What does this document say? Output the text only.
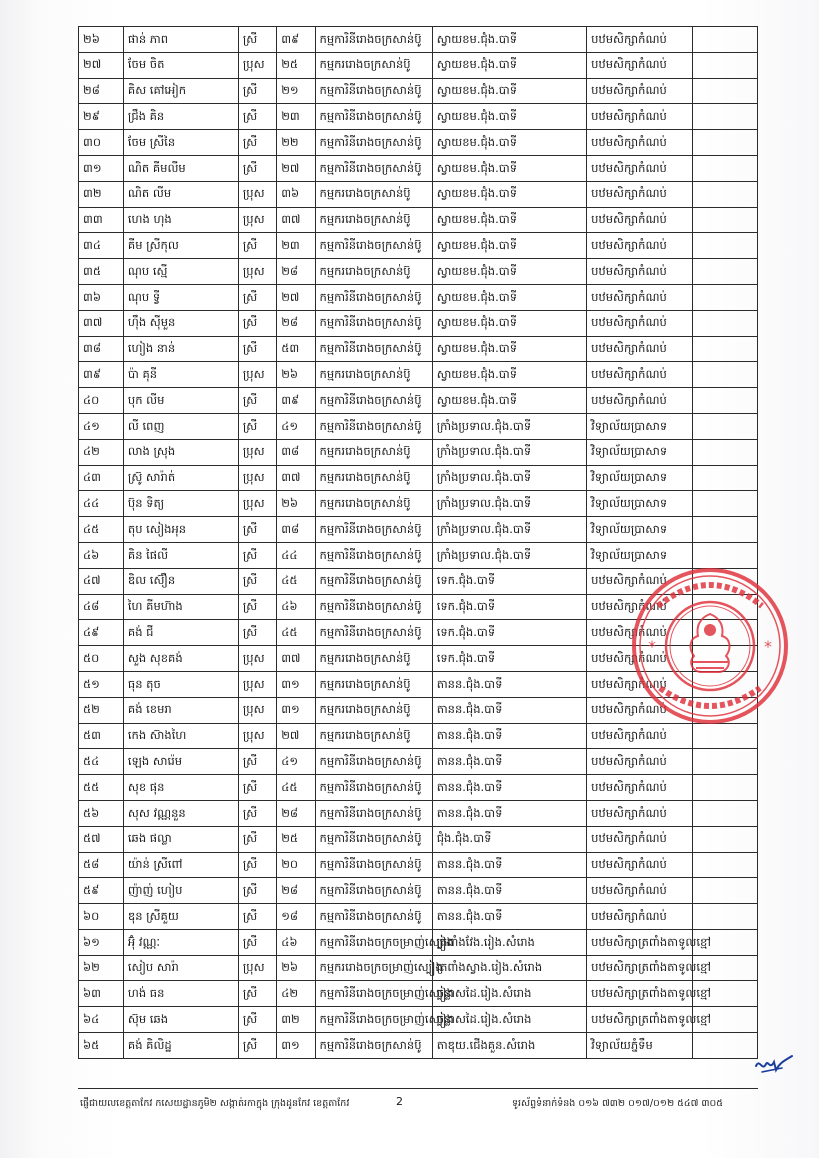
២៦	ផាន់ ភាព	ស្រី	៣៩	កម្មការិនីរោងចក្រសាន់ប៊ូ	ស្វាយខម.ជុំង.បាទី	បឋមសិក្សាកំណប់	
២៧	ចែម ចិត	ប្រុស	២៥	កម្មកររោងចក្រសាន់ប៊ូ	ស្វាយខម.ជុំង.បាទី	បឋមសិក្សាកំណប់	
២៨	គិស គៅអៀក	ស្រី	២១	កម្មការិនីរោងចក្រសាន់ប៊ូ	ស្វាយខម.ជុំង.បាទី	បឋមសិក្សាកំណប់	
២៩	ជ្រឹង គិន	ស្រី	២៣	កម្មការិនីរោងចក្រសាន់ប៊ូ	ស្វាយខម.ជុំង.បាទី	បឋមសិក្សាកំណប់	
៣០	ចែម ស្រីនៃ	ស្រី	២២	កម្មការិនីរោងចក្រសាន់ប៊ូ	ស្វាយខម.ជុំង.បាទី	បឋមសិក្សាកំណប់	
៣១	ណិត គីមលីម	ស្រី	២៧	កម្មការិនីរោងចក្រសាន់ប៊ូ	ស្វាយខម.ជុំង.បាទី	បឋមសិក្សាកំណប់	
៣២	ណិត លីម	ប្រុស	៣៦	កម្មកររោងចក្រសាន់ប៊ូ	ស្វាយខម.ជុំង.បាទី	បឋមសិក្សាកំណប់	
៣៣	ហេង ហុង	ប្រុស	៣៧	កម្មកររោងចក្រសាន់ប៊ូ	ស្វាយខម.ជុំង.បាទី	បឋមសិក្សាកំណប់	
៣៤	គីម ស្រីកុល	ស្រី	២៣	កម្មការិនីរោងចក្រសាន់ប៊ូ	ស្វាយខម.ជុំង.បាទី	បឋមសិក្សាកំណប់	
៣៥	ណុប ស្មើ	ប្រុស	២៨	កម្មកររោងចក្រសាន់ប៊ូ	ស្វាយខម.ជុំង.បាទី	បឋមសិក្សាកំណប់	
៣៦	ណុប ទ្វី	ស្រី	២៧	កម្មការិនីរោងចក្រសាន់ប៊ូ	ស្វាយខម.ជុំង.បាទី	បឋមសិក្សាកំណប់	
៣៧	ហ៊ឹង ស៊ីមួន	ស្រី	២៨	កម្មការិនីរោងចក្រសាន់ប៊ូ	ស្វាយខម.ជុំង.បាទី	បឋមសិក្សាកំណប់	
៣៨	ហៀង នាន់	ស្រី	៥៣	កម្មការិនីរោងចក្រសាន់ប៊ូ	ស្វាយខម.ជុំង.បាទី	បឋមសិក្សាកំណប់	
៣៩	ប៉ា គុនី	ប្រុស	២៦	កម្មកររោងចក្រសាន់ប៊ូ	ស្វាយខម.ជុំង.បាទី	បឋមសិក្សាកំណប់	
៤០	បុក លីម	ស្រី	៣៩	កម្មការិនីរោងចក្រសាន់ប៊ូ	ស្វាយខម.ជុំង.បាទី	បឋមសិក្សាកំណប់	
៤១	លី ពេញ	ស្រី	៤១	កម្មការិនីរោងចក្រសាន់ប៊ូ	ក្រាំងប្រទាល.ជុំង.បាទី	វិទ្យាល័យប្រាសាទ	
៤២	លាង ស្រុង	ប្រុស	៣៨	កម្មកររោងចក្រសាន់ប៊ូ	ក្រាំងប្រទាល.ជុំង.បាទី	វិទ្យាល័យប្រាសាទ	
៤៣	ស្រ៊ូ សារ៉ាត់	ប្រុស	៣៧	កម្មកររោងចក្រសាន់ប៊ូ	ក្រាំងប្រទាល.ជុំង.បាទី	វិទ្យាល័យប្រាសាទ	
៤៤	ប៊ុន ទិត្យ	ប្រុស	២៦	កម្មកររោងចក្រសាន់ប៊ូ	ក្រាំងប្រទាល.ជុំង.បាទី	វិទ្យាល័យប្រាសាទ	
៤៥	តុប សៀងអុន	ស្រី	៣៨	កម្មការិនីរោងចក្រសាន់ប៊ូ	ក្រាំងប្រទាល.ជុំង.បាទី	វិទ្យាល័យប្រាសាទ	
៤៦	គិន ផៃលី	ស្រី	៤៤	កម្មការិនីរោងចក្រសាន់ប៊ូ	ក្រាំងប្រទាល.ជុំង.បាទី	វិទ្យាល័យប្រាសាទ	
៤៧	ឌិល ស៊ឿន	ស្រី	៤៥	កម្មការិនីរោងចក្រសាន់ប៊ូ	ទេក.ជុំង.បាទី	បឋមសិក្សាកំណប់	
៤៨	ហៃ គីមហ៊ាង	ស្រី	៤៦	កម្មការិនីរោងចក្រសាន់ប៊ូ	ទេក.ជុំង.បាទី	បឋមសិក្សាកំណប់	
៤៩	គង់ ជី	ស្រី	៤៥	កម្មការិនីរោងចក្រសាន់ប៊ូ	ទេក.ជុំង.បាទី	បឋមសិក្សាកំណប់	
៥០	សួង សុខគង់	ប្រុស	៣៧	កម្មកររោងចក្រសាន់ប៊ូ	ទេក.ជុំង.បាទី	បឋមសិក្សាកំណប់	
៥១	ធុន តុច	ប្រុស	៣១	កម្មកររោងចក្រសាន់ប៊ូ	តានន.ជុំង.បាទី	បឋមសិក្សាកំណប់	
៥២	គង់ ខេមរា	ប្រុស	៣១	កម្មកររោងចក្រសាន់ប៊ូ	តានន.ជុំង.បាទី	បឋមសិក្សាកំណប់	
៥៣	កេង ស៊ាងហៃ	ប្រុស	២៧	កម្មកររោងចក្រសាន់ប៊ូ	តានន.ជុំង.បាទី	បឋមសិក្សាកំណប់	
៥៤	ឡេង សារ៉េម	ស្រី	៤១	កម្មការិនីរោងចក្រសាន់ប៊ូ	តានន.ជុំង.បាទី	បឋមសិក្សាកំណប់	
៥៥	សុខ ផុន	ស្រី	៤៥	កម្មការិនីរោងចក្រសាន់ប៊ូ	តានន.ជុំង.បាទី	បឋមសិក្សាកំណប់	
៥៦	សុស វណ្ណនួន	ស្រី	២៨	កម្មការិនីរោងចក្រសាន់ប៊ូ	តានន.ជុំង.បាទី	បឋមសិក្សាកំណប់	
៥៧	ឆេង ផល្លា	ស្រី	២៥	កម្មការិនីរោងចក្រសាន់ប៊ូ	ជុំង.ជុំង.បាទី	បឋមសិក្សាកំណប់	
៥៨	យ៉ាន់ ស្រីពៅ	ស្រី	២០	កម្មការិនីរោងចក្រសាន់ប៊ូ	តានន.ជុំង.បាទី	បឋមសិក្សាកំណប់	
៥៩	ញ៉ាញ់ ហៀប	ស្រី	២៨	កម្មការិនីរោងចក្រសាន់ប៊ូ	តានន.ជុំង.បាទី	បឋមសិក្សាកំណប់	
៦០	ឌុន ស្រីគួយ	ស្រី	១៨	កម្មការិនីរោងចក្រសាន់ប៊ូ	តានន.ជុំង.បាទី	បឋមសិក្សាកំណប់	
៦១	អ៊ុំ វណ្ណៈ	ស្រី	៤៦	កម្មការិនីរោងចក្រចម្រាញ់ស្បៀង	ត្រពាំងវែង.រៀង.សំរោង	បឋមសិក្សាត្រពាំងតាទូលខ្មៅ	
៦២	សៀប សារ៉ា	ប្រុស	២៦	កម្មកររោងចក្រចម្រាញ់ស្បៀង	ត្រពាំងស្វាង.រៀង.សំរោង	បឋមសិក្សាត្រពាំងតាទូលខ្មៅ	
៦៣	ហង់ ធន	ស្រី	៤២	កម្មការិនីរោងចក្រចម្រាញ់ស្បៀង	ចន្លាសដៃ.រៀង.សំរោង	បឋមសិក្សាត្រពាំងតាទូលខ្មៅ	
៦៤	ស៊ុម ឆេង	ស្រី	៣២	កម្មការិនីរោងចក្រចម្រាញ់ស្បៀង	ចន្លាសដៃ.រៀង.សំរោង	បឋមសិក្សាត្រពាំងតាទូលខ្មៅ	
៦៥	គង់ គិលិដ្ឋ	ស្រី	៣១	កម្មការិនីរោងចក្រសាន់ប៊ូ	តាឌុយ.ជើងគួន.សំរោង	វិទ្យាល័យភ្នំទឹម	
ផ្ញើជាយលខេត្តតាកែវ កសេយដ្ឋានភូមិ២ សង្កាត់រកាក្នុង ក្រុងដូនកែវ ខេត្តតាកែវ	2	ទូរស័ព្ទទំនាក់ទំនង ០១៦ ៧៣២ ០១៧/០១២ ៥៤៧ ៣០៥
*	*
